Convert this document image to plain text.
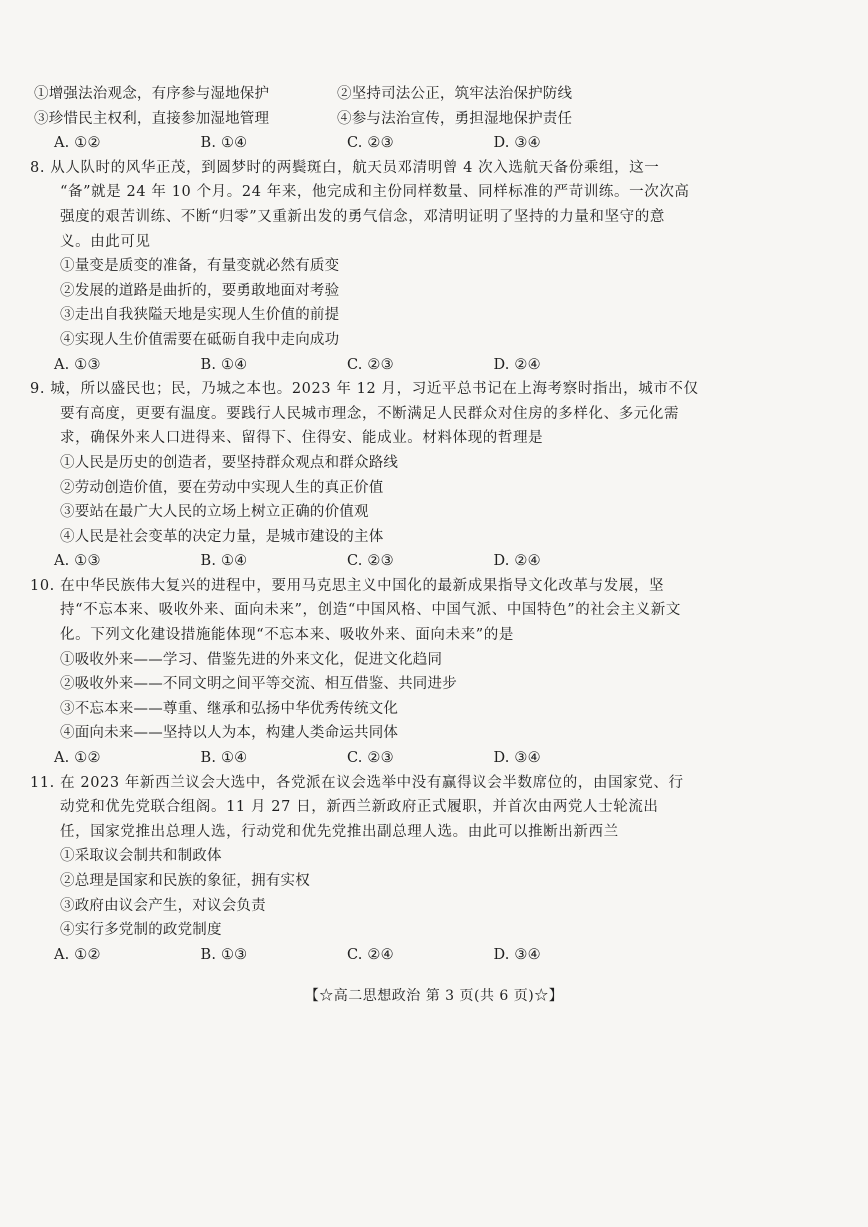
①增强法治观念，有序参与湿地保护	②坚持司法公正，筑牢法治保护防线
③珍惜民主权利，直接参加湿地管理	④参与法治宣传，勇担湿地保护责任
A. ①②	B. ①④	C. ②③	D. ③④
8. 从人队时的风华正茂，到圆梦时的两鬓斑白，航天员邓清明曾 4 次入选航天备份乘组，这一
“备”就是 24 年 10 个月。24 年来，他完成和主份同样数量、同样标准的严苛训练。一次次高
强度的艰苦训练、不断“归零”又重新出发的勇气信念，邓清明证明了坚持的力量和坚守的意
义。由此可见
①量变是质变的准备，有量变就必然有质变
②发展的道路是曲折的，要勇敢地面对考验
③走出自我狭隘天地是实现人生价值的前提
④实现人生价值需要在砥砺自我中走向成功
A. ①③	B. ①④	C. ②③	D. ②④
9. 城，所以盛民也；民，乃城之本也。2023 年 12 月，习近平总书记在上海考察时指出，城市不仅
要有高度，更要有温度。要践行人民城市理念，不断满足人民群众对住房的多样化、多元化需
求，确保外来人口进得来、留得下、住得安、能成业。材料体现的哲理是
①人民是历史的创造者，要坚持群众观点和群众路线
②劳动创造价值，要在劳动中实现人生的真正价值
③要站在最广大人民的立场上树立正确的价值观
④人民是社会变革的决定力量，是城市建设的主体
A. ①③	B. ①④	C. ②③	D. ②④
10. 在中华民族伟大复兴的进程中，要用马克思主义中国化的最新成果指导文化改革与发展，坚
持“不忘本来、吸收外来、面向未来”，创造“中国风格、中国气派、中国特色”的社会主义新文
化。下列文化建设措施能体现“不忘本来、吸收外来、面向未来”的是
①吸收外来——学习、借鉴先进的外来文化，促进文化趋同
②吸收外来——不同文明之间平等交流、相互借鉴、共同进步
③不忘本来——尊重、继承和弘扬中华优秀传统文化
④面向未来——坚持以人为本，构建人类命运共同体
A. ①②	B. ①④	C. ②③	D. ③④
11. 在 2023 年新西兰议会大选中，各党派在议会选举中没有赢得议会半数席位的，由国家党、行
动党和优先党联合组阁。11 月 27 日，新西兰新政府正式履职，并首次由两党人士轮流出
任，国家党推出总理人选，行动党和优先党推出副总理人选。由此可以推断出新西兰
①采取议会制共和制政体
②总理是国家和民族的象征，拥有实权
③政府由议会产生，对议会负责
④实行多党制的政党制度
A. ①②	B. ①③	C. ②④	D. ③④
【☆高二思想政治 第 3 页(共 6 页)☆】
